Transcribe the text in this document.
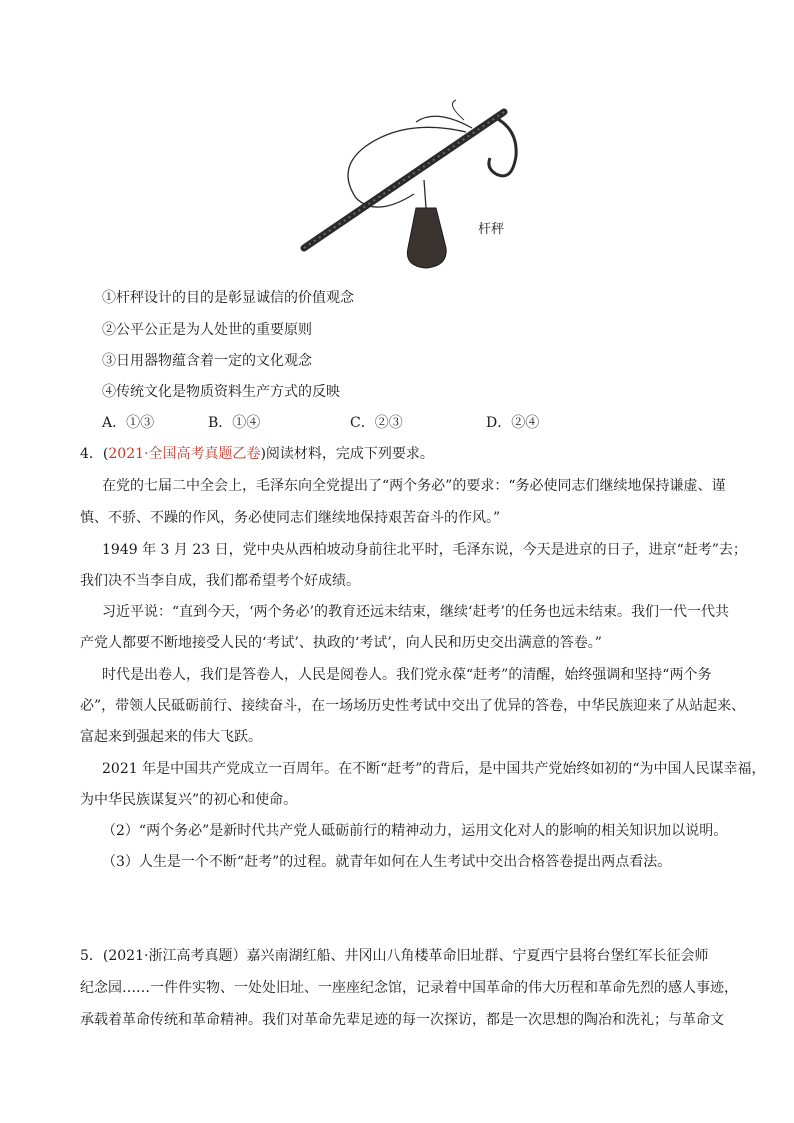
杆秤
①杆秤设计的目的是彰显诚信的价值观念
②公平公正是为人处世的重要原则
③日用器物蕴含着一定的文化观念
④传统文化是物质资料生产方式的反映
A．①③	B．①④	C．②③	D．②④
4．(2021·全国高考真题乙卷)阅读材料，完成下列要求。
在党的七届二中全会上，毛泽东向全党提出了“两个务必”的要求：“务必使同志们继续地保持谦虚、谨
慎、不骄、不躁的作风，务必使同志们继续地保持艰苦奋斗的作风。”
1949 年 3 月 23 日，党中央从西柏坡动身前往北平时，毛泽东说，今天是进京的日子，进京“赶考”去；
我们决不当李自成，我们都希望考个好成绩。
习近平说：“直到今天，‘两个务必’的教育还远未结束，继续‘赶考’的任务也远未结束。我们一代一代共
产党人都要不断地接受人民的‘考试’、执政的‘考试’，向人民和历史交出满意的答卷。”
时代是出卷人，我们是答卷人，人民是阅卷人。我们党永葆“赶考”的清醒，始终强调和坚持“两个务
必”，带领人民砥砺前行、接续奋斗，在一场场历史性考试中交出了优异的答卷，中华民族迎来了从站起来、
富起来到强起来的伟大飞跃。
2021 年是中国共产党成立一百周年。在不断“赶考”的背后，是中国共产党始终如初的“为中国人民谋幸福，
为中华民族谋复兴”的初心和使命。
（2）“两个务必”是新时代共产党人砥砺前行的精神动力，运用文化对人的影响的相关知识加以说明。
（3）人生是一个不断“赶考”的过程。就青年如何在人生考试中交出合格答卷提出两点看法。
5．(2021·浙江高考真题）嘉兴南湖红船、井冈山八角楼革命旧址群、宁夏西宁县将台堡红军长征会师
纪念园……一件件实物、一处处旧址、一座座纪念馆，记录着中国革命的伟大历程和革命先烈的感人事迹，
承载着革命传统和革命精神。我们对革命先辈足迹的每一次探访，都是一次思想的陶冶和洗礼；与革命文
